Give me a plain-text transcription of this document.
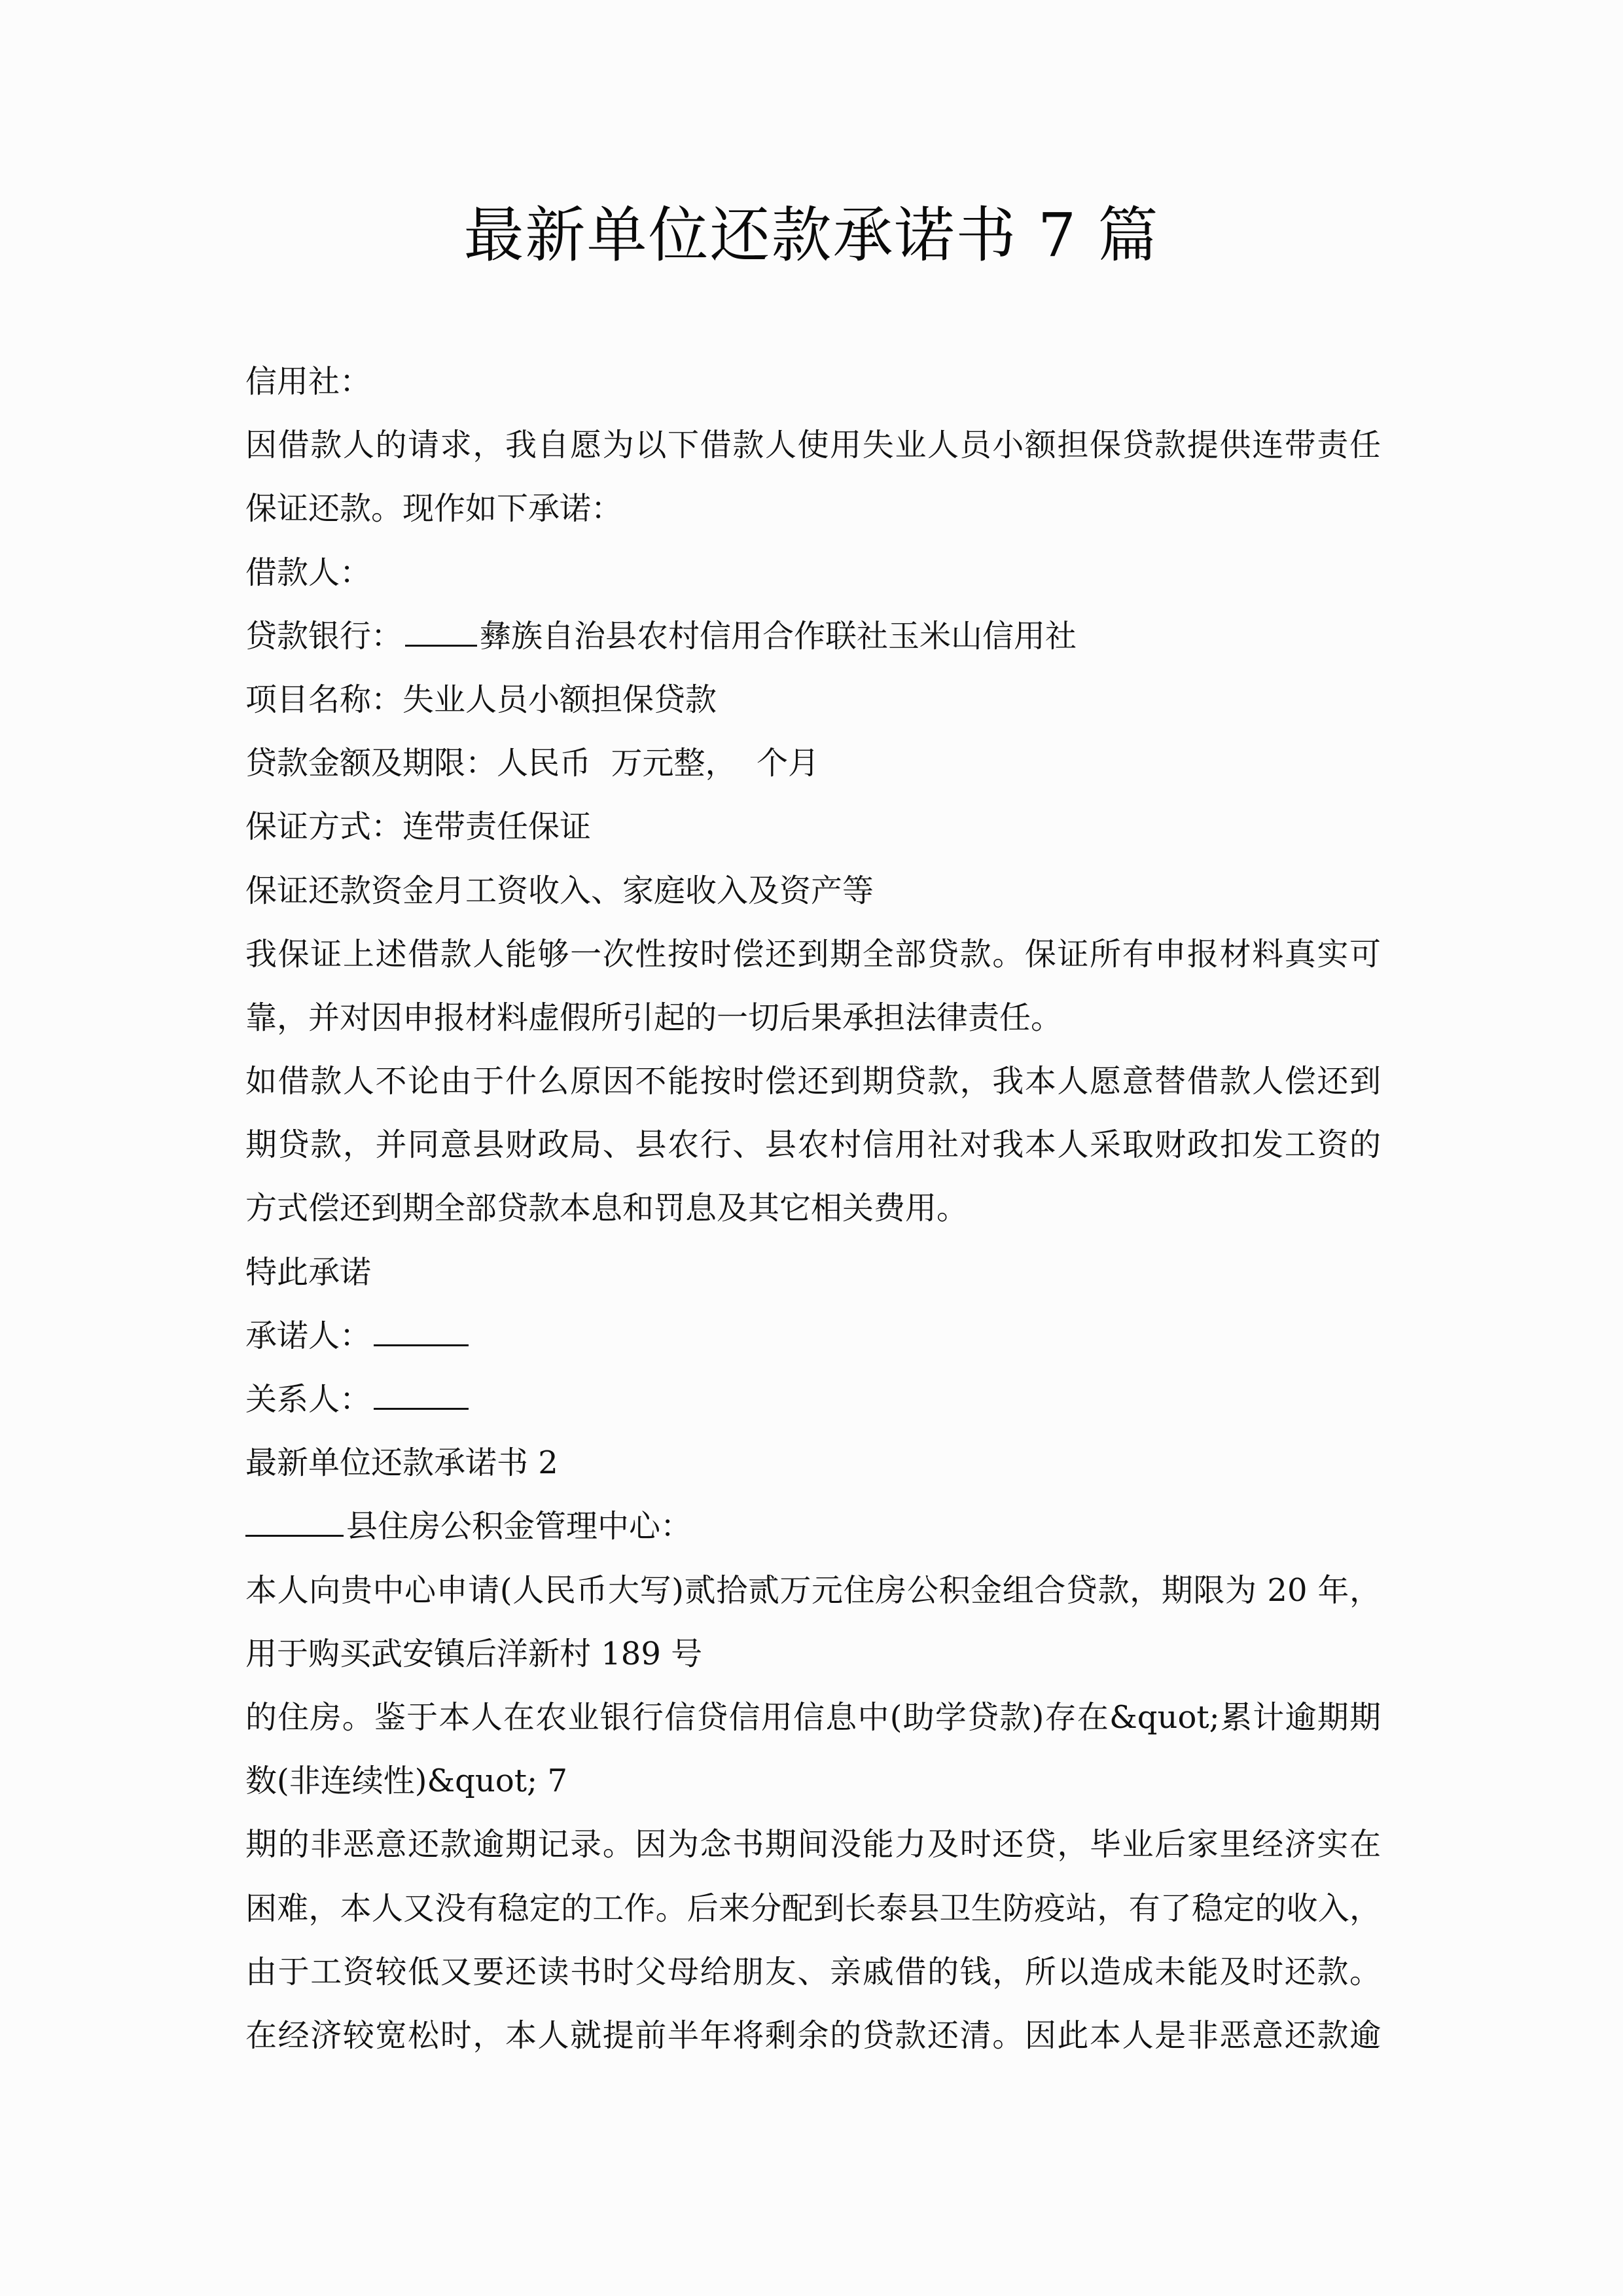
最新单位还款承诺书 7 篇
信用社：
因借款人的请求，我自愿为以下借款人使用失业人员小额担保贷款提供连带责任
保证还款。现作如下承诺：
借款人：
贷款银行： 彝族自治县农村信用合作联社玉米山信用社
项目名称：失业人员小额担保贷款
贷款金额及期限：人民币  万元整，  个月
保证方式：连带责任保证
保证还款资金月工资收入、家庭收入及资产等
我保证上述借款人能够一次性按时偿还到期全部贷款。保证所有申报材料真实可
靠，并对因申报材料虚假所引起的一切后果承担法律责任。
如借款人不论由于什么原因不能按时偿还到期贷款，我本人愿意替借款人偿还到
期贷款，并同意县财政局、县农行、县农村信用社对我本人采取财政扣发工资的
方式偿还到期全部贷款本息和罚息及其它相关费用。
特此承诺
承诺人：
关系人：
最新单位还款承诺书 2
县住房公积金管理中心：
本人向贵中心申请(人民币大写)贰拾贰万元住房公积金组合贷款，期限为 20 年，
用于购买武安镇后洋新村 189 号
的住房。鉴于本人在农业银行信贷信用信息中(助学贷款)存在&quot;累计逾期期
数(非连续性)&quot; 7
期的非恶意还款逾期记录。因为念书期间没能力及时还贷，毕业后家里经济实在
困难，本人又没有稳定的工作。后来分配到长泰县卫生防疫站，有了稳定的收入，
由于工资较低又要还读书时父母给朋友、亲戚借的钱，所以造成未能及时还款。
在经济较宽松时，本人就提前半年将剩余的贷款还清。因此本人是非恶意还款逾
